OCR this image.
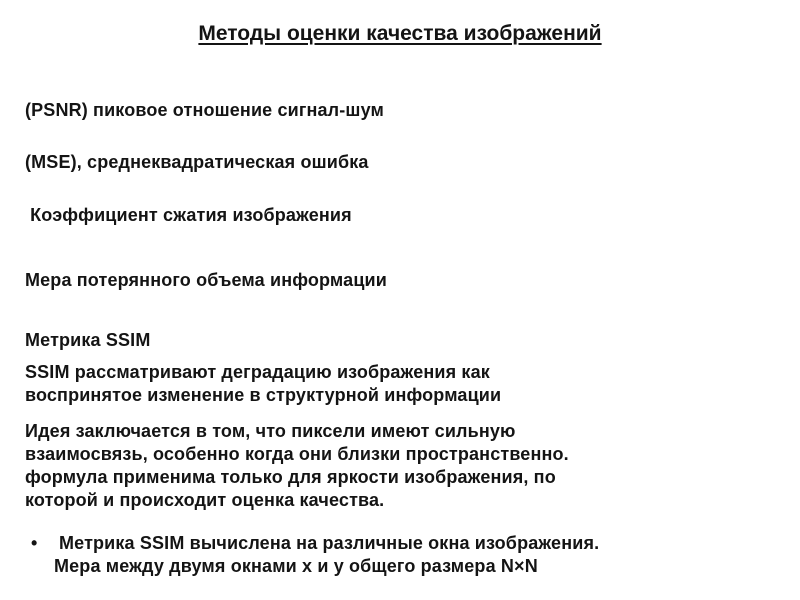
Методы оценки качества изображений
(PSNR) пиковое отношение сигнал-шум
(MSE), среднеквадратическая ошибка
Коэффициент сжатия изображения
Мера потерянного объема информации
Метрика SSIM
SSIM рассматривают деградацию изображения как
воспринятое изменение в структурной информации
Идея заключается в том, что пиксели имеют сильную
взаимосвязь, особенно когда они близки пространственно.
формула применима только для яркости изображения, по
которой и происходит оценка качества.
• Метрика SSIM вычислена на различные окна изображения.
Мера между двумя окнами x и y общего размера N×N
